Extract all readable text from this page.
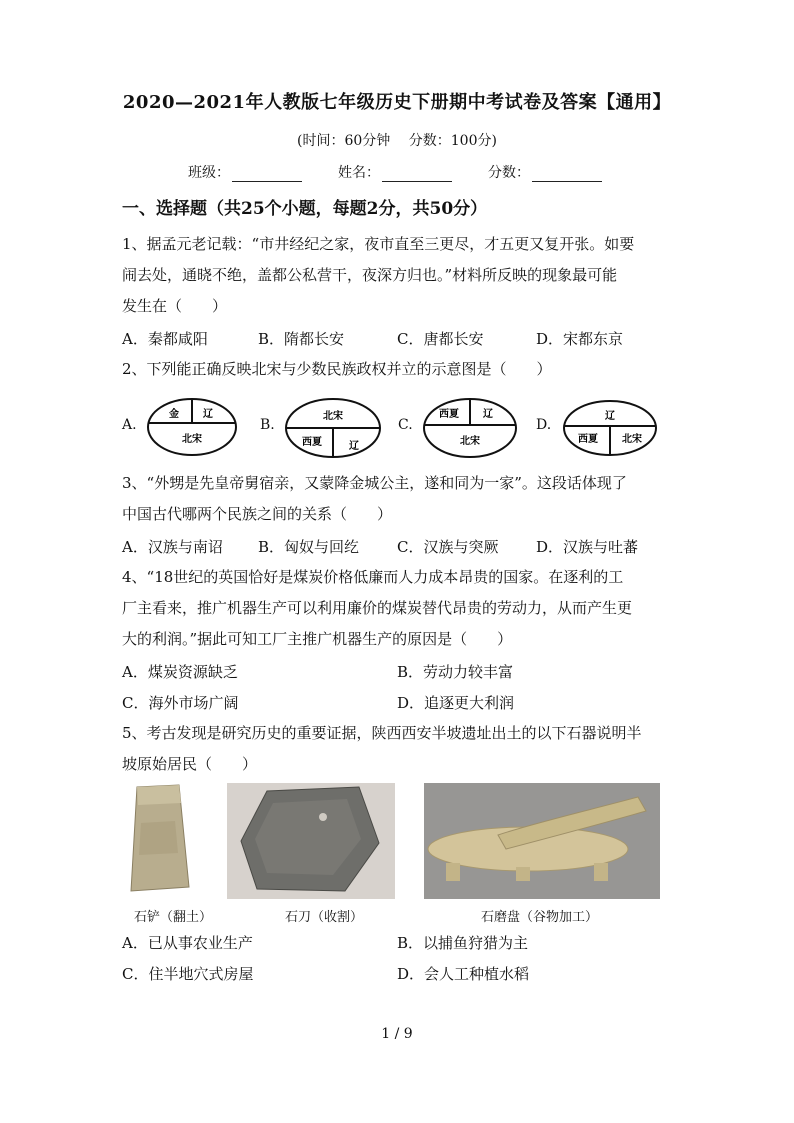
2020—2021年人教版七年级历史下册期中考试卷及答案【通用】
(时间：60分钟　 分数：100分)
班级：	姓名：	分数：
一、选择题（共25个小题，每题2分，共50分）
1、据孟元老记载：“市井经纪之家，夜市直至三更尽，才五更又复开张。如要
闹去处，通晓不绝，盖都公私营干，夜深方归也。”材料所反映的现象最可能
发生在（　　）
A．秦都咸阳	B．隋都长安	C．唐都长安	D．宋都东京
2、下列能正确反映北宋与少数民族政权并立的示意图是（　　）
A.
金 辽
北宋
B.
北宋
西夏	辽
C.
西夏 辽
北宋
D.
辽
西夏 北宋
3、“外甥是先皇帝舅宿亲，又蒙降金城公主，遂和同为一家”。这段话体现了
中国古代哪两个民族之间的关系（　　）
A．汉族与南诏 B．匈奴与回纥	C．汉族与突厥	D．汉族与吐蕃
4、“18世纪的英国恰好是煤炭价格低廉而人力成本昂贵的国家。在逐利的工
厂主看来，推广机器生产可以利用廉价的煤炭替代昂贵的劳动力，从而产生更
大的利润。”据此可知工厂主推广机器生产的原因是（　　）
A．煤炭资源缺乏	B．劳动力较丰富
C．海外市场广阔	D．追逐更大利润
5、考古发现是研究历史的重要证据，陕西西安半坡遗址出土的以下石器说明半
坡原始居民（　　）
石铲（翻土）	石刀（收割）	石磨盘（谷物加工）
A．已从事农业生产	B．以捕鱼狩猎为主
C．住半地穴式房屋	D．会人工种植水稻
1 / 9
